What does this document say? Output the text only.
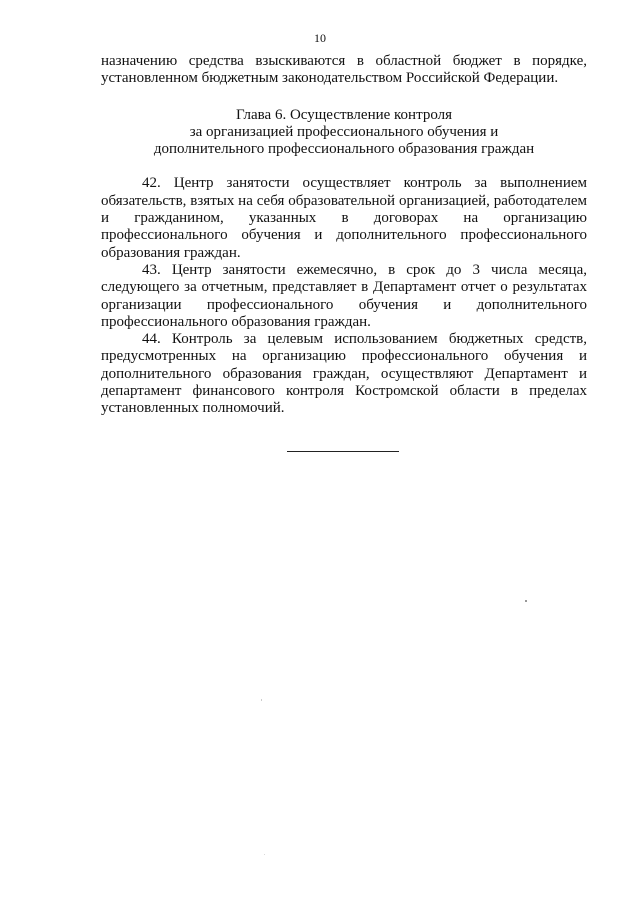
10

назначению средства взыскиваются в областной бюджет в порядке, установленном бюджетным законодательством Российской Федерации.

Глава 6. Осуществление контроля
за организацией профессионального обучения и
дополнительного профессионального образования граждан

42. Центр занятости осуществляет контроль за выполнением обязательств, взятых на себя образовательной организацией, работодателем и гражданином, указанных в договорах на организацию профессионального обучения и дополнительного профессионального образования граждан.

43. Центр занятости ежемесячно, в срок до 3 числа месяца, следующего за отчетным, представляет в Департамент отчет о результатах организации профессионального обучения и дополнительного профессионального образования граждан.

44. Контроль за целевым использованием бюджетных средств, предусмотренных на организацию профессионального обучения и дополнительного образования граждан, осуществляют Департамент и департамент финансового контроля Костромской области в пределах установленных полномочий.
